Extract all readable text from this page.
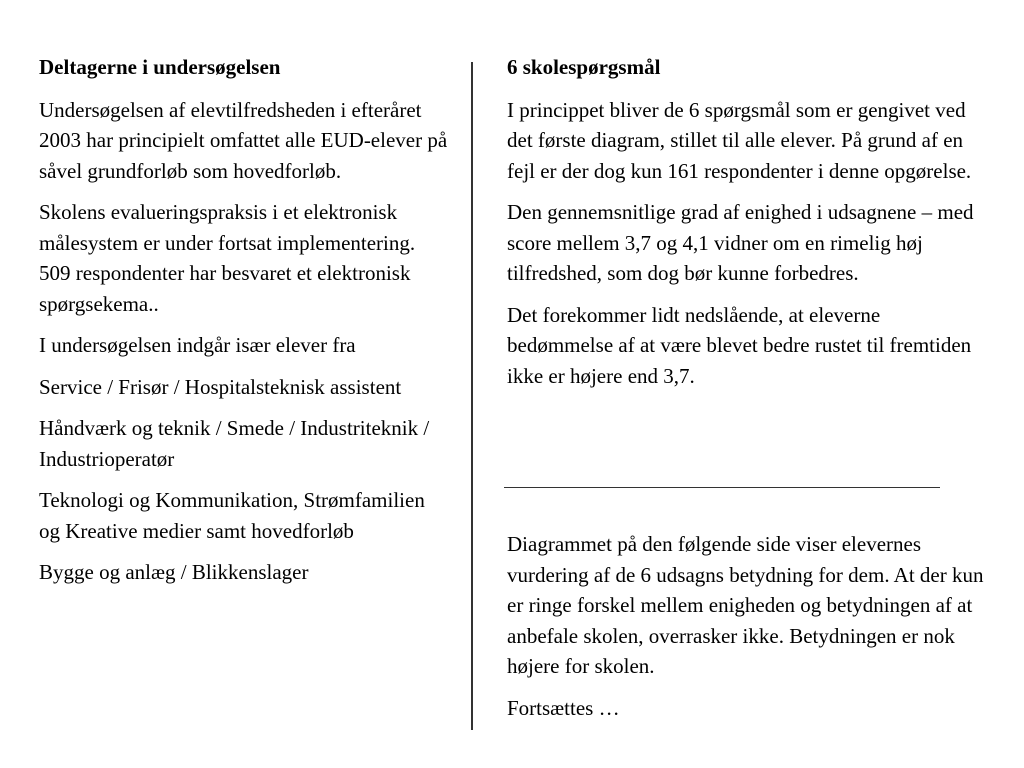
Deltagerne i undersøgelsen

Undersøgelsen af elevtilfredsheden i efteråret 2003 har principielt omfattet alle EUD-elever på såvel grundforløb som hovedforløb.

Skolens evalueringspraksis i et elektronisk målesystem er under fortsat implementering. 509 respondenter har besvaret et elektronisk spørgsekema..

I undersøgelsen indgår især elever fra

Service / Frisør / Hospitalsteknisk assistent

Håndværk og teknik / Smede / Industriteknik / Industrioperatør

Teknologi og Kommunikation, Strømfamilien og Kreative medier samt hovedforløb

Bygge og anlæg / Blikkenslager

6 skolespørgsmål

I princippet bliver de 6 spørgsmål som er gengivet ved det første diagram, stillet til alle elever. På grund af en fejl er der dog kun 161 respondenter i denne opgørelse.

Den gennemsnitlige grad af enighed i udsagnene – med score mellem 3,7 og 4,1 vidner om en rimelig høj tilfredshed, som dog bør kunne forbedres.

Det forekommer lidt nedslående, at eleverne bedømmelse af at være blevet bedre rustet til fremtiden ikke er højere end 3,7.

Diagrammet på den følgende side viser elevernes vurdering af de 6 udsagns betydning for dem. At der kun er ringe forskel mellem enigheden og betydningen af at anbefale skolen, overrasker ikke. Betydningen er nok højere for skolen.

Fortsættes …
